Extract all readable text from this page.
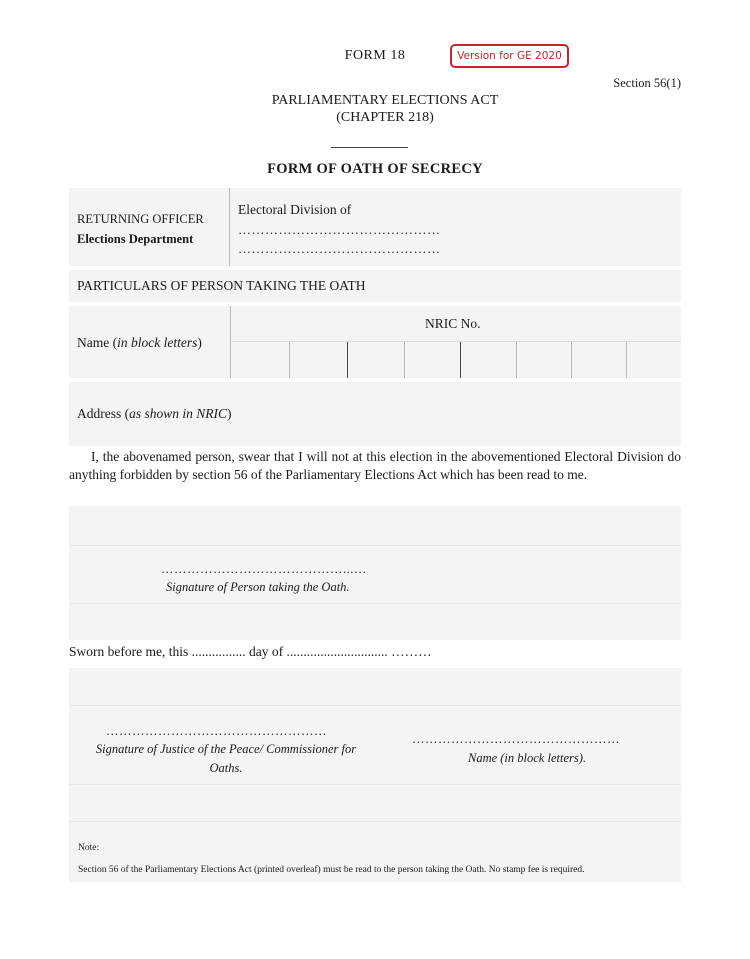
FORM 18	Version for GE 2020
Section 56(1)
PARLIAMENTARY ELECTIONS ACT
(CHAPTER 218)
FORM OF OATH OF SECRECY
RETURNING OFFICER
Elections Department
Electoral Division of
………………………………………
………………………………………
PARTICULARS OF PERSON TAKING THE OATH
Name (in block letters)
NRIC No.
Address (as shown in NRIC)
I, the abovenamed person, swear that I will not at this election in the abovementioned Electoral Division do anything forbidden by section 56 of the Parliamentary Elections Act which has been read to me.
……………………………………...…
Signature of Person taking the Oath.
Sworn before me, this ................ day of .............................. ………
……………………………………………
Signature of Justice of the Peace/ Commissioner for
Oaths.
…………………………………………
Name (in block letters).
Note:
Section 56 of the Parliamentary Elections Act (printed overleaf) must be read to the person taking the Oath. No stamp fee is required.
